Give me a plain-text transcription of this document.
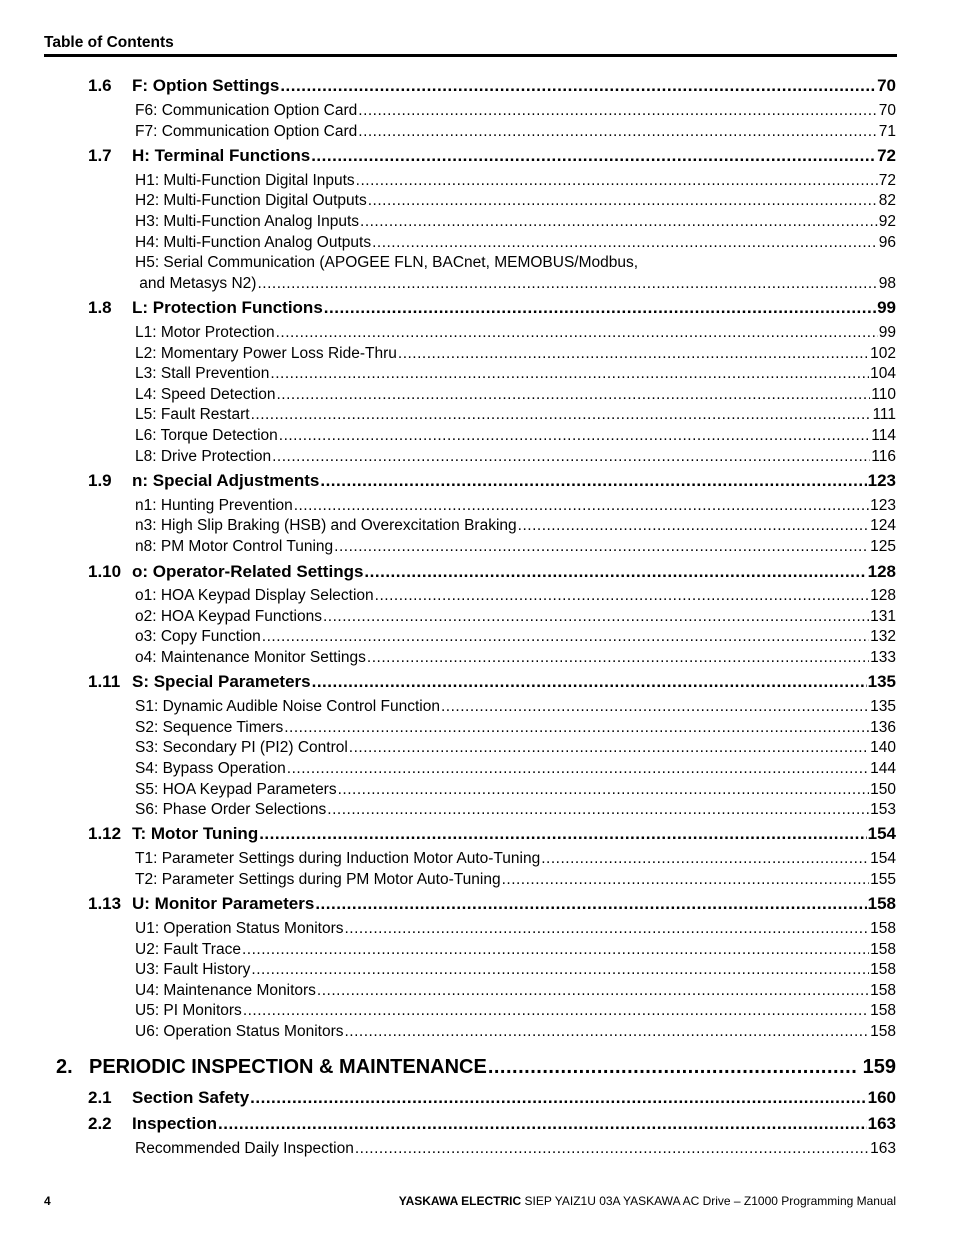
Table of Contents
1.6	F: Option Settings .....	70
F6: Communication Option Card .....	70
F7: Communication Option Card .....	71
1.7	H: Terminal Functions .....	72
H1: Multi-Function Digital Inputs .....	72
H2: Multi-Function Digital Outputs .....	82
H3: Multi-Function Analog Inputs .....	92
H4: Multi-Function Analog Outputs .....	96
H5: Serial Communication (APOGEE FLN, BACnet, MEMOBUS/Modbus,
and Metasys N2) .....	98
1.8	L: Protection Functions .....	99
L1: Motor Protection .....	99
L2: Momentary Power Loss Ride-Thru .....	102
L3: Stall Prevention .....	104
L4: Speed Detection .....	110
L5: Fault Restart .....	111
L6: Torque Detection .....	114
L8: Drive Protection .....	116
1.9	n: Special Adjustments .....	123
n1: Hunting Prevention .....	123
n3: High Slip Braking (HSB) and Overexcitation Braking .....	124
n8: PM Motor Control Tuning .....	125
1.10 o: Operator-Related Settings .....	128
o1: HOA Keypad Display Selection .....	128
o2: HOA Keypad Functions .....	131
o3: Copy Function .....	132
o4: Maintenance Monitor Settings .....	133
1.11 S: Special Parameters .....	135
S1: Dynamic Audible Noise Control Function .....	135
S2: Sequence Timers .....	136
S3: Secondary PI (PI2) Control .....	140
S4: Bypass Operation .....	144
S5: HOA Keypad Parameters .....	150
S6: Phase Order Selections .....	153
1.12 T: Motor Tuning .....	154
T1: Parameter Settings during Induction Motor Auto-Tuning .....	154
T2: Parameter Settings during PM Motor Auto-Tuning .....	155
1.13 U: Monitor Parameters .....	158
U1: Operation Status Monitors .....	158
U2: Fault Trace .....	158
U3: Fault History .....	158
U4: Maintenance Monitors .....	158
U5: PI Monitors .....	158
U6: Operation Status Monitors .....	158
2. PERIODIC INSPECTION & MAINTENANCE .....	159
2.1	Section Safety .....	160
2.2	Inspection .....	163
Recommended Daily Inspection .....	163
4	YASKAWA ELECTRIC SIEP YAIZ1U 03A YASKAWA AC Drive – Z1000 Programming Manual
